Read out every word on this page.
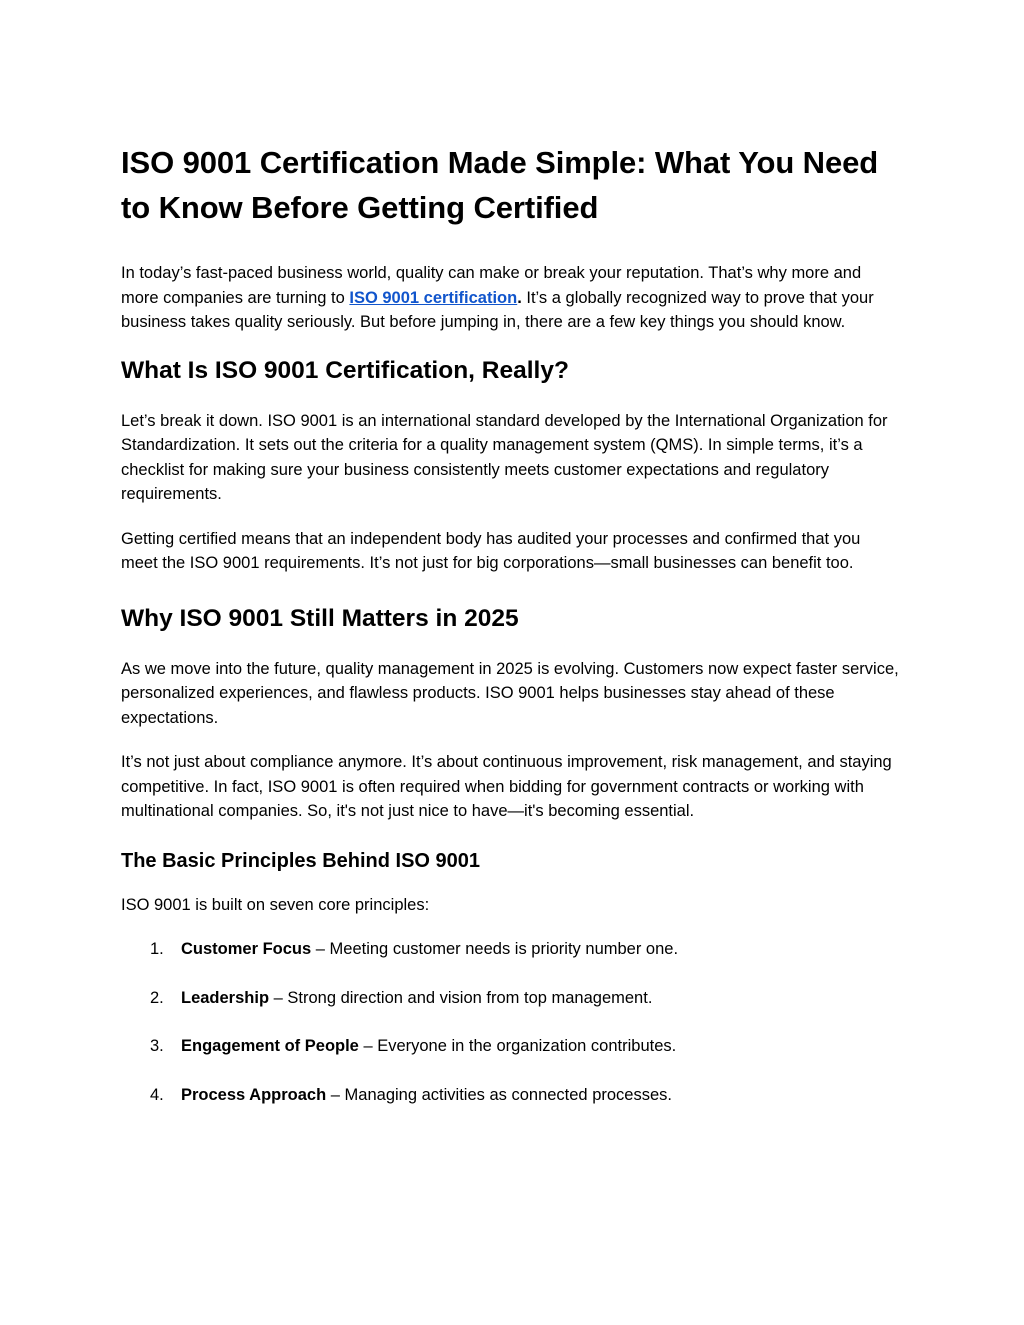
ISO 9001 Certification Made Simple: What You Need to Know Before Getting Certified

In today’s fast-paced business world, quality can make or break your reputation. That’s why more and more companies are turning to ISO 9001 certification. It’s a globally recognized way to prove that your business takes quality seriously. But before jumping in, there are a few key things you should know.

What Is ISO 9001 Certification, Really?

Let’s break it down. ISO 9001 is an international standard developed by the International Organization for Standardization. It sets out the criteria for a quality management system (QMS). In simple terms, it’s a checklist for making sure your business consistently meets customer expectations and regulatory requirements.

Getting certified means that an independent body has audited your processes and confirmed that you meet the ISO 9001 requirements. It’s not just for big corporations—small businesses can benefit too.

Why ISO 9001 Still Matters in 2025

As we move into the future, quality management in 2025 is evolving. Customers now expect faster service, personalized experiences, and flawless products. ISO 9001 helps businesses stay ahead of these expectations.

It’s not just about compliance anymore. It’s about continuous improvement, risk management, and staying competitive. In fact, ISO 9001 is often required when bidding for government contracts or working with multinational companies. So, it's not just nice to have—it's becoming essential.

The Basic Principles Behind ISO 9001

ISO 9001 is built on seven core principles:

1. Customer Focus – Meeting customer needs is priority number one.
2. Leadership – Strong direction and vision from top management.
3. Engagement of People – Everyone in the organization contributes.
4. Process Approach – Managing activities as connected processes.
